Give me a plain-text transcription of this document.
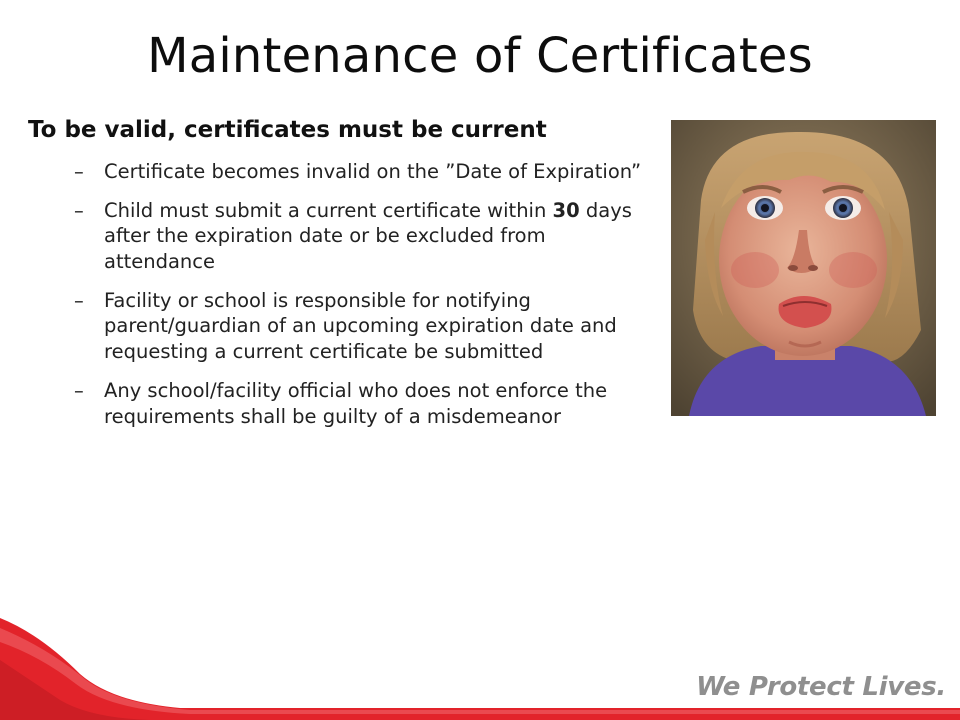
Maintenance of Certificates
To be valid, certificates must be current
– Certificate becomes invalid on the ”Date of Expiration”
– Child must submit a current certificate within 30 days after the expiration date or be excluded from attendance
– Facility or school is responsible for notifying parent/guardian of an upcoming expiration date and requesting a current certificate be submitted
– Any school/facility official who does not enforce the requirements shall be guilty of a misdemeanor
We Protect Lives.
